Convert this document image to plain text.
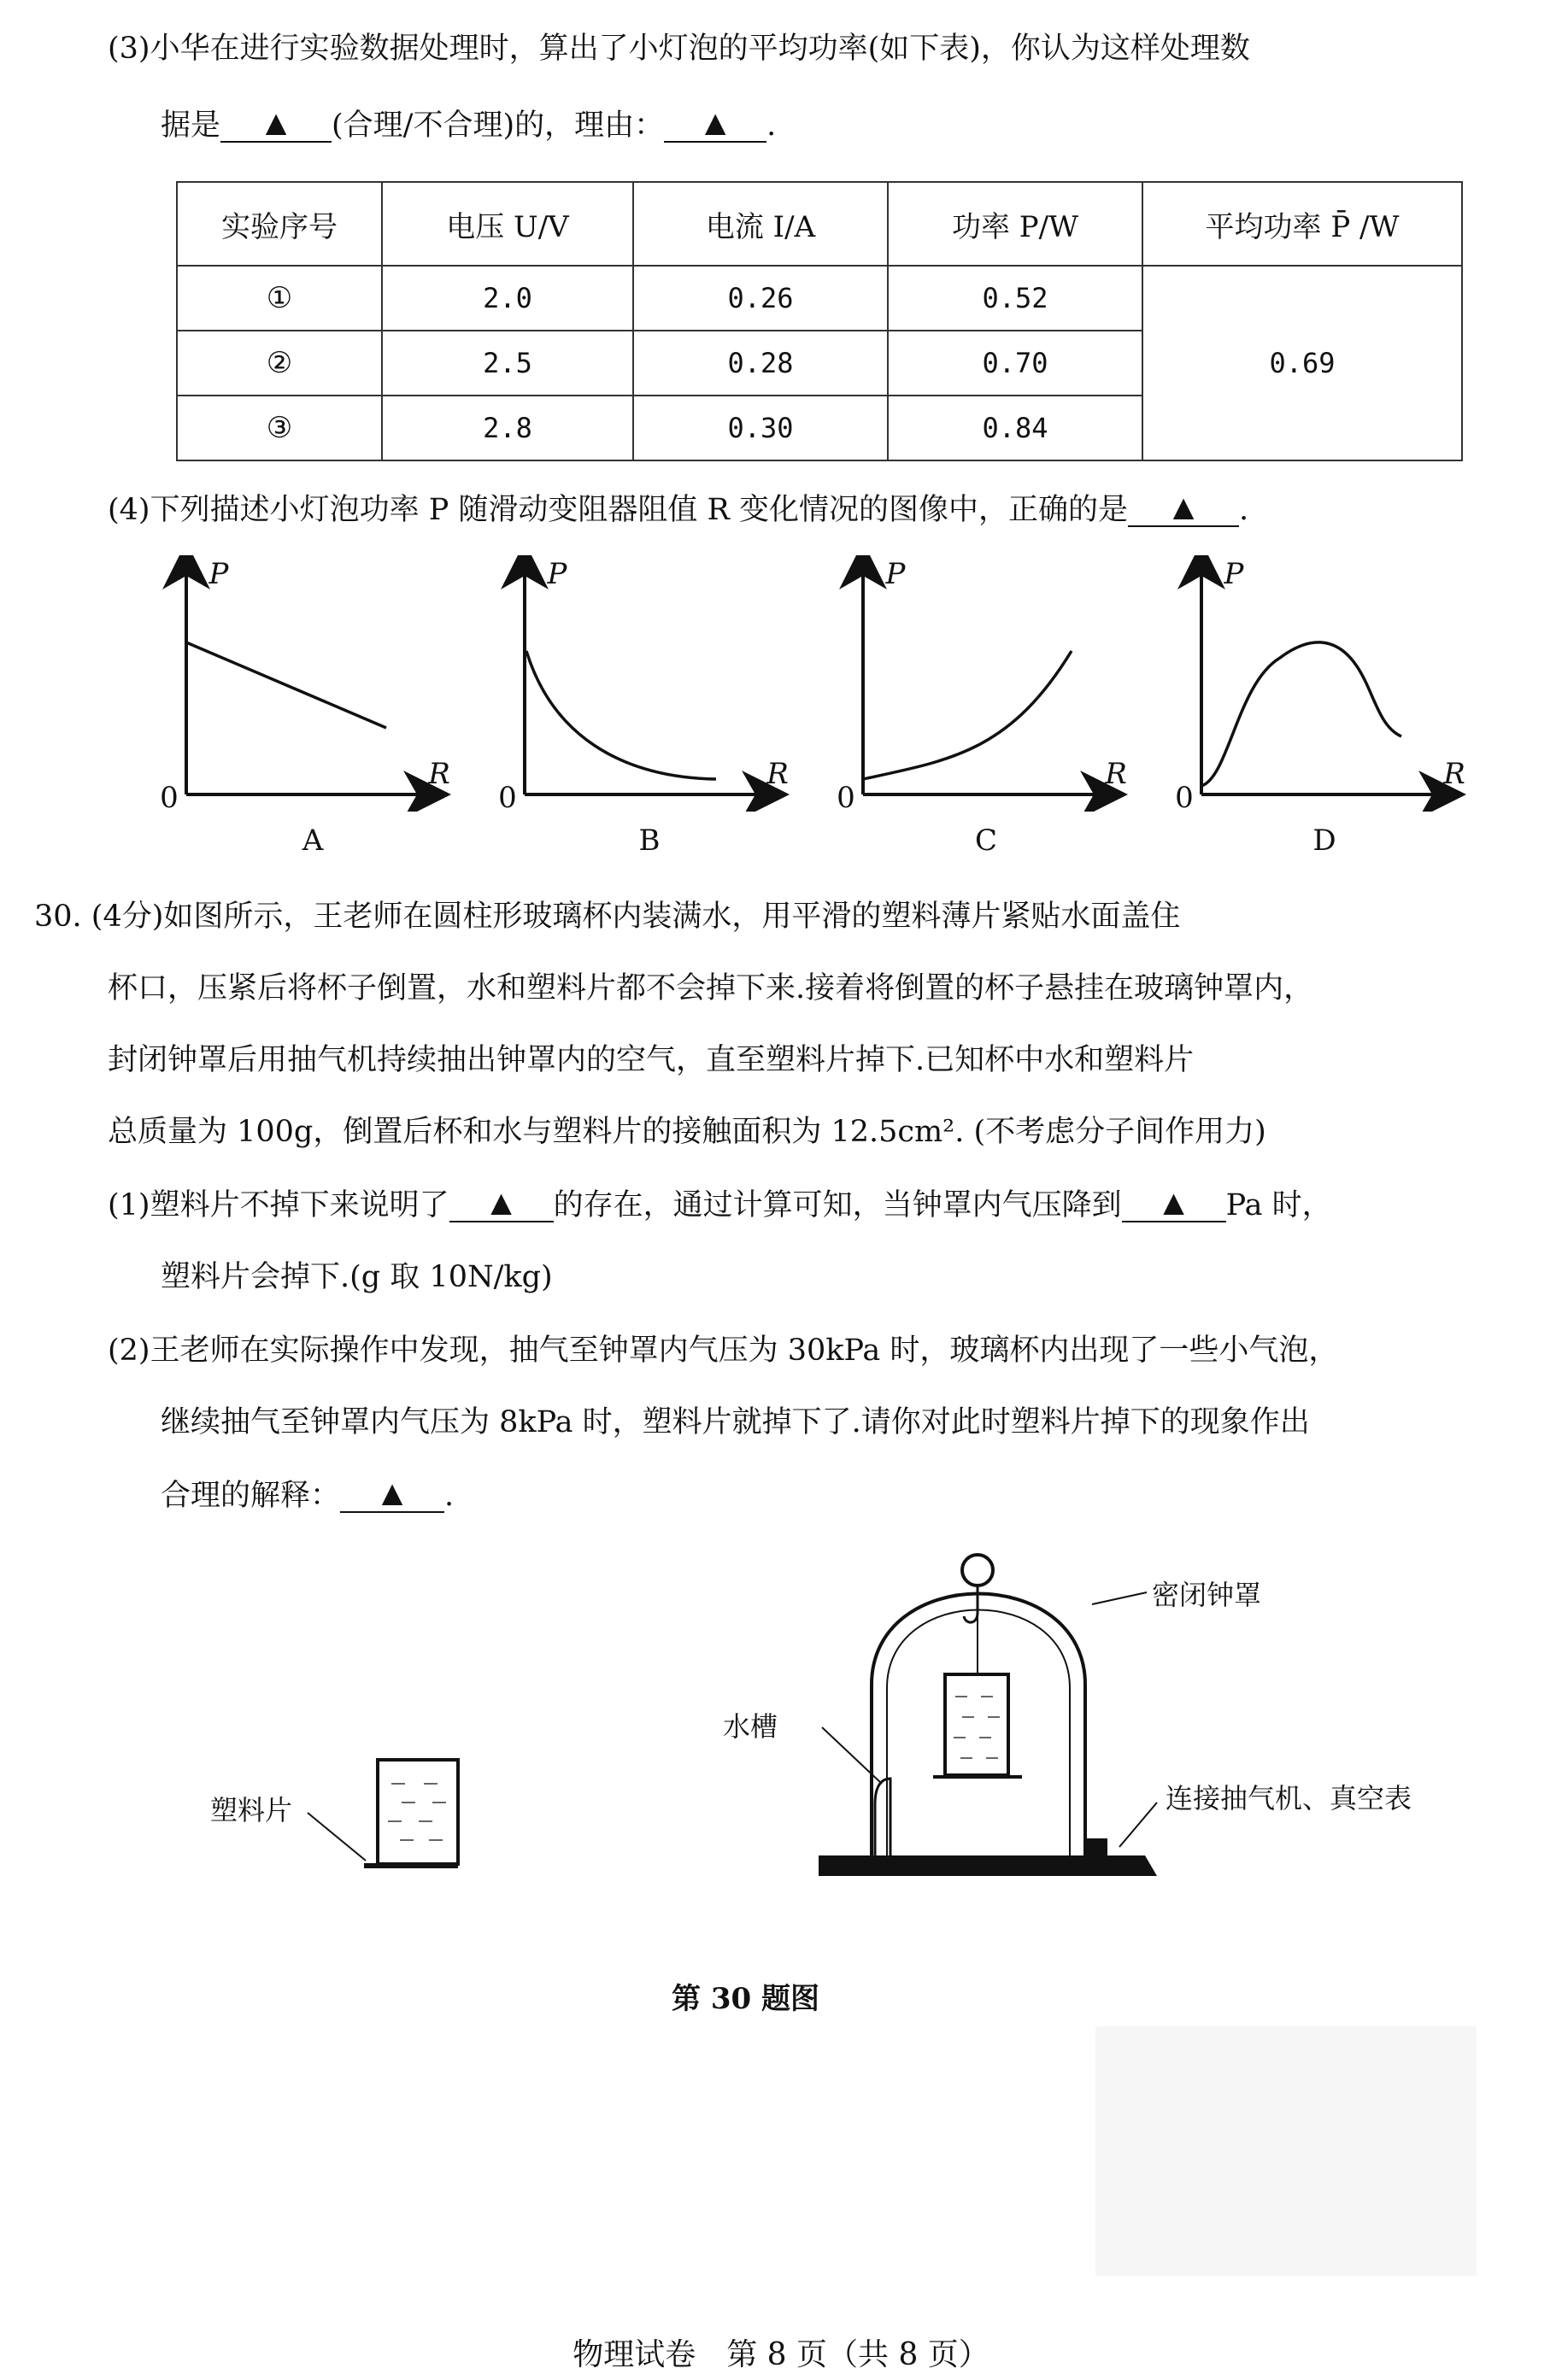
(3)小华在进行实验数据处理时，算出了小灯泡的平均功率(如下表)，你认为这样处理数
据是 ▲ (合理/不合理)的，理由： ▲ .
实验序号	电压 U/V	电流 I/A	功率 P/W	平均功率 P̄ /W
①	2.0	0.26	0.52	0.69
②	2.5	0.28	0.70	
③	2.8	0.30	0.84	
(4)下列描述小灯泡功率 P 随滑动变阻器阻值 R 变化情况的图像中，正确的是 ▲ .
P
R
0
A
P
R
0
B
P
R
0
C
P
R
0
D
30. (4分)如图所示，王老师在圆柱形玻璃杯内装满水，用平滑的塑料薄片紧贴水面盖住
杯口，压紧后将杯子倒置，水和塑料片都不会掉下来.接着将倒置的杯子悬挂在玻璃钟罩内，
封闭钟罩后用抽气机持续抽出钟罩内的空气，直至塑料片掉下.已知杯中水和塑料片
总质量为 100g，倒置后杯和水与塑料片的接触面积为 12.5cm². (不考虑分子间作用力)
(1)塑料片不掉下来说明了 ▲ 的存在，通过计算可知，当钟罩内气压降到 ▲ Pa 时，
塑料片会掉下.(g 取 10N/kg)
(2)王老师在实际操作中发现，抽气至钟罩内气压为 30kPa 时，玻璃杯内出现了一些小气泡，
继续抽气至钟罩内气压为 8kPa 时，塑料片就掉下了.请你对此时塑料片掉下的现象作出
合理的解释： ▲ .
塑料片
水槽
密闭钟罩
连接抽气机、真空表
第 30 题图
物理试卷　第 8 页（共 8 页）
